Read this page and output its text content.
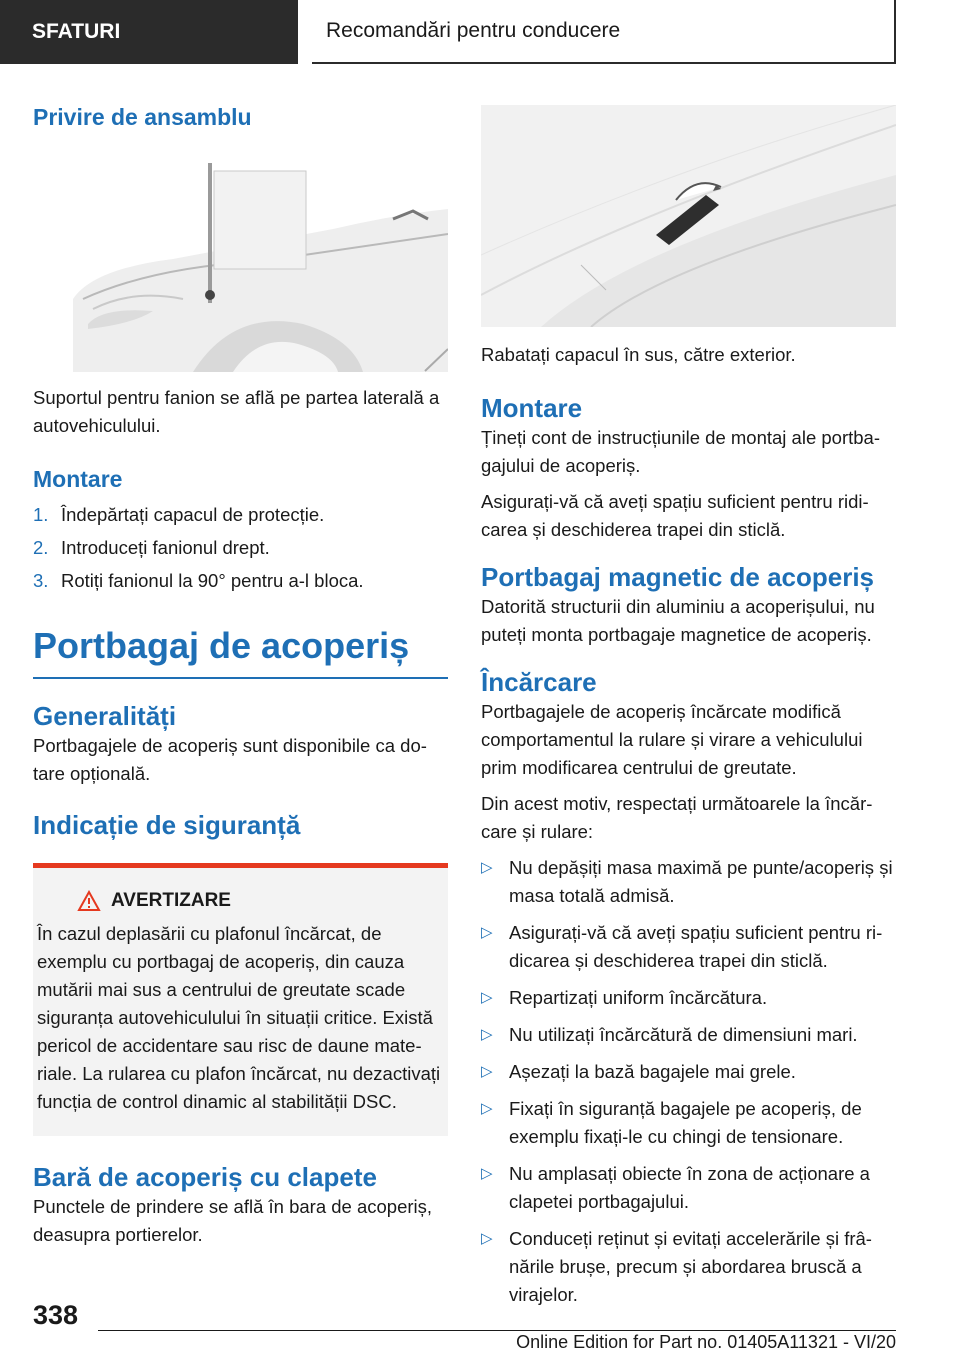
SFATURI	Recomandări pentru conducere
Privire de ansamblu

Suportul pentru fanion se află pe partea laterală a autovehiculului.

Montare
1. Îndepărtați capacul de protecție.
2. Introduceți fanionul drept.
3. Rotiți fanionul la 90° pentru a-l bloca.
Portbagaj de acoperiș
Generalități

Portbagajele de acoperiș sunt disponibile ca dotare opțională.

Indicație de siguranță
AVERTIZARE

În cazul deplasării cu plafonul încărcat, de exemplu cu portbagaj de acoperiș, din cauza mutării mai sus a centrului de greutate scade siguranța autovehiculului în situații critice. Există pericol de accidentare sau risc de daune materiale. La rularea cu plafon încărcat, nu dezactivați funcția de control dinamic al stabilității DSC.

Bară de acoperiș cu clapete

Punctele de prindere se află în bara de acoperiș, deasupra portierelor.

Rabatați capacul în sus, către exterior.

Montare

Țineți cont de instrucțiunile de montaj ale portbagajului de acoperiș.

Asigurați-vă că aveți spațiu suficient pentru ridicarea și deschiderea trapei din sticlă.

Portbagaj magnetic de acoperiș

Datorită structurii din aluminiu a acoperișului, nu puteți monta portbagaje magnetice de acoperiș.

Încărcare

Portbagajele de acoperiș încărcate modifică comportamentul la rulare și virare a vehiculului prim modificarea centrului de greutate.

Din acest motiv, respectați următoarele la încărcare și rulare:

▷ Nu depășiți masa maximă pe punte/acoperiș și masa totală admisă.
▷ Asigurați-vă că aveți spațiu suficient pentru ridicarea și deschiderea trapei din sticlă.
▷ Repartizați uniform încărcătura.
▷ Nu utilizați încărcătură de dimensiuni mari.
▷ Așezați la bază bagajele mai grele.
▷ Fixați în siguranță bagajele pe acoperiș, de exemplu fixați-le cu chingi de tensionare.
▷ Nu amplasați obiecte în zona de acționare a clapetei portbagajului.
▷ Conduceți reținut și evitați accelerările și frânările brușe, precum și abordarea bruscă a virajelor.
338
Online Edition for Part no. 01405A11321 - VI/20
